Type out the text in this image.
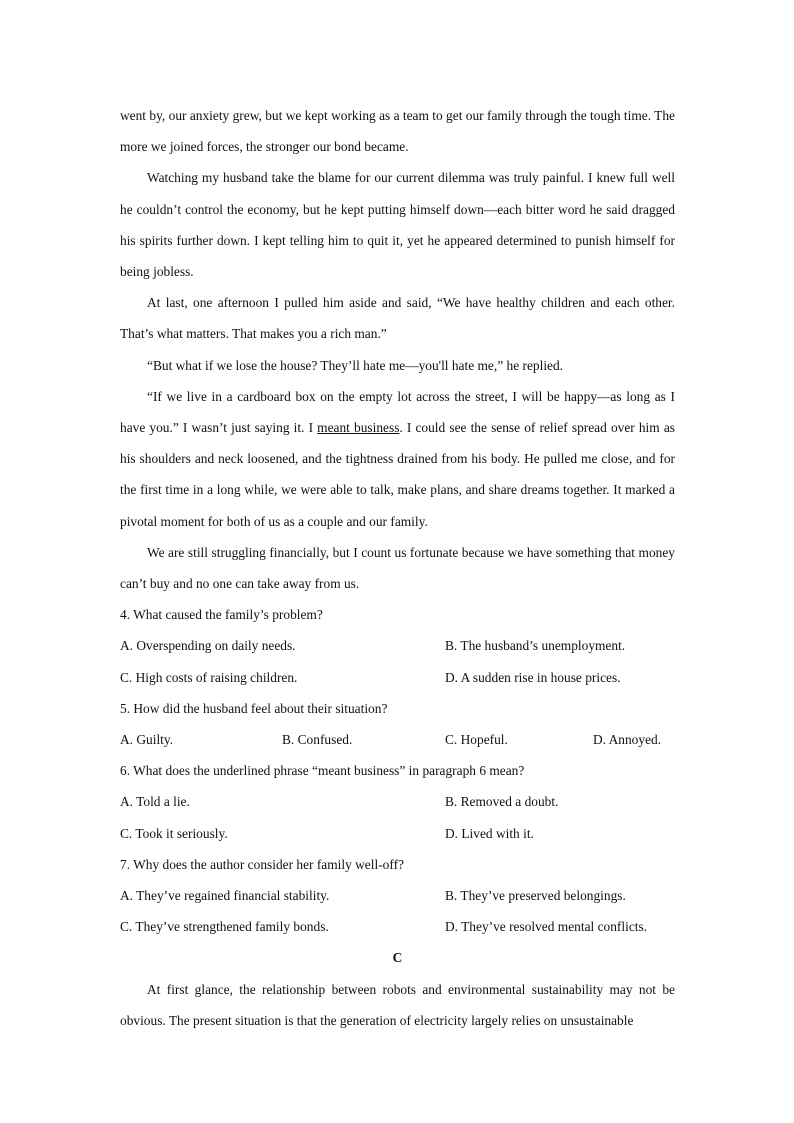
went by, our anxiety grew, but we kept working as a team to get our family through the tough time. The more we joined forces, the stronger our bond became.

Watching my husband take the blame for our current dilemma was truly painful. I knew full well he couldn’t control the economy, but he kept putting himself down—each bitter word he said dragged his spirits further down. I kept telling him to quit it, yet he appeared determined to punish himself for being jobless.

At last, one afternoon I pulled him aside and said, “We have healthy children and each other. That’s what matters. That makes you a rich man.”

“But what if we lose the house? They’ll hate me—you'll hate me,” he replied.

“If we live in a cardboard box on the empty lot across the street, I will be happy—as long as I have you.” I wasn’t just saying it. I meant business. I could see the sense of relief spread over him as his shoulders and neck loosened, and the tightness drained from his body. He pulled me close, and for the first time in a long while, we were able to talk, make plans, and share dreams together. It marked a pivotal moment for both of us as a couple and our family.

We are still struggling financially, but I count us fortunate because we have something that money can’t buy and no one can take away from us.

4. What caused the family’s problem?

A. Overspending on daily needs.	B. The husband’s unemployment.
C. High costs of raising children.	D. A sudden rise in house prices.

5. How did the husband feel about their situation?

A. Guilty.	B. Confused.	C. Hopeful.	D. Annoyed.

6. What does the underlined phrase “meant business” in paragraph 6 mean?

A. Told a lie.	B. Removed a doubt.
C. Took it seriously.	D. Lived with it.

7. Why does the author consider her family well-off?

A. They’ve regained financial stability.	B. They’ve preserved belongings.
C. They’ve strengthened family bonds.	D. They’ve resolved mental conflicts.

C

At first glance, the relationship between robots and environmental sustainability may not be obvious. The present situation is that the generation of electricity largely relies on unsustainable
